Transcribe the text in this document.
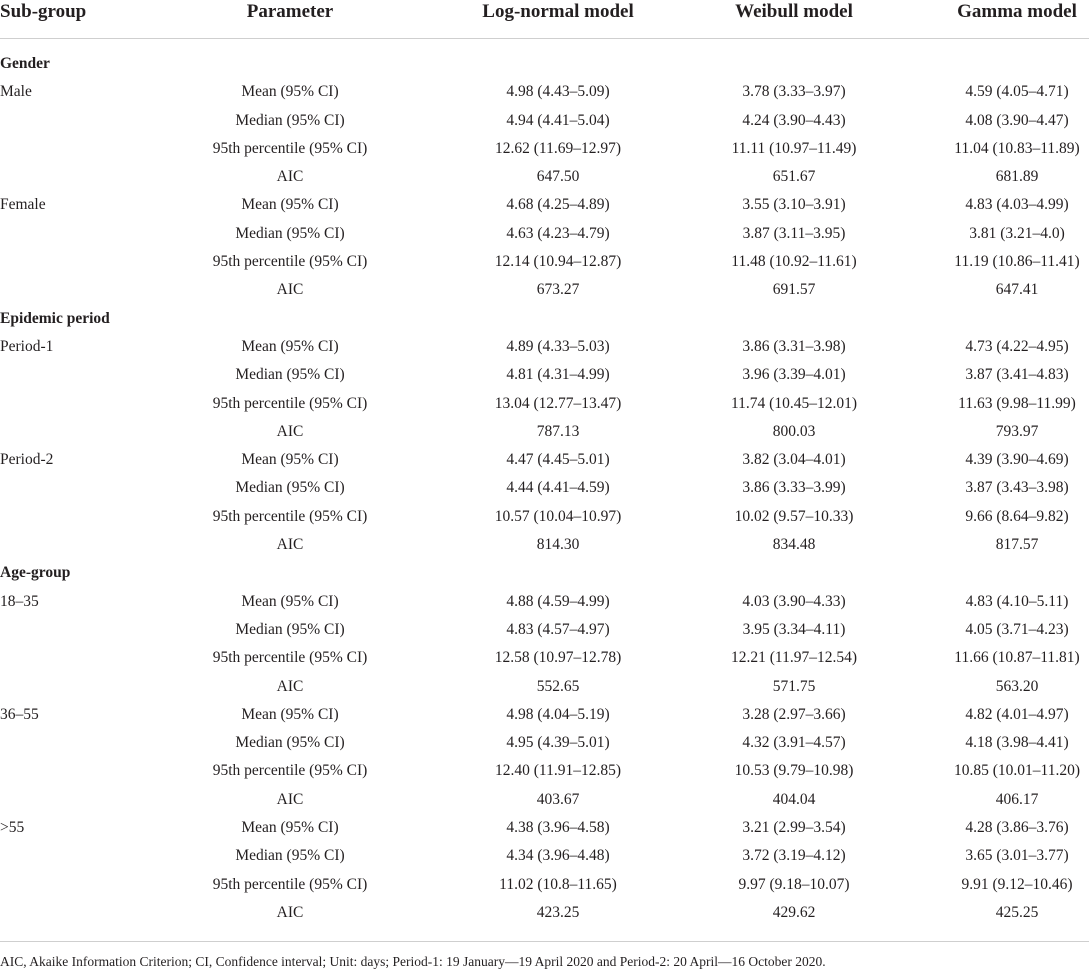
Sub-group	Parameter	Log-normal model	Weibull model	Gamma model
Gender
Male	Mean (95% CI)	4.98 (4.43–5.09)	3.78 (3.33–3.97)	4.59 (4.05–4.71)
Median (95% CI)	4.94 (4.41–5.04)	4.24 (3.90–4.43)	4.08 (3.90–4.47)
95th percentile (95% CI)	12.62 (11.69–12.97)	11.11 (10.97–11.49)	11.04 (10.83–11.89)
AIC	647.50	651.67	681.89
Female	Mean (95% CI)	4.68 (4.25–4.89)	3.55 (3.10–3.91)	4.83 (4.03–4.99)
Median (95% CI)	4.63 (4.23–4.79)	3.87 (3.11–3.95)	3.81 (3.21–4.0)
95th percentile (95% CI)	12.14 (10.94–12.87)	11.48 (10.92–11.61)	11.19 (10.86–11.41)
AIC	673.27	691.57	647.41
Epidemic period
Period-1	Mean (95% CI)	4.89 (4.33–5.03)	3.86 (3.31–3.98)	4.73 (4.22–4.95)
Median (95% CI)	4.81 (4.31–4.99)	3.96 (3.39–4.01)	3.87 (3.41–4.83)
95th percentile (95% CI)	13.04 (12.77–13.47)	11.74 (10.45–12.01)	11.63 (9.98–11.99)
AIC	787.13	800.03	793.97
Period-2	Mean (95% CI)	4.47 (4.45–5.01)	3.82 (3.04–4.01)	4.39 (3.90–4.69)
Median (95% CI)	4.44 (4.41–4.59)	3.86 (3.33–3.99)	3.87 (3.43–3.98)
95th percentile (95% CI)	10.57 (10.04–10.97)	10.02 (9.57–10.33)	9.66 (8.64–9.82)
AIC	814.30	834.48	817.57
Age-group
18–35	Mean (95% CI)	4.88 (4.59–4.99)	4.03 (3.90–4.33)	4.83 (4.10–5.11)
Median (95% CI)	4.83 (4.57–4.97)	3.95 (3.34–4.11)	4.05 (3.71–4.23)
95th percentile (95% CI)	12.58 (10.97–12.78)	12.21 (11.97–12.54)	11.66 (10.87–11.81)
AIC	552.65	571.75	563.20
36–55	Mean (95% CI)	4.98 (4.04–5.19)	3.28 (2.97–3.66)	4.82 (4.01–4.97)
Median (95% CI)	4.95 (4.39–5.01)	4.32 (3.91–4.57)	4.18 (3.98–4.41)
95th percentile (95% CI)	12.40 (11.91–12.85)	10.53 (9.79–10.98)	10.85 (10.01–11.20)
AIC	403.67	404.04	406.17
>55	Mean (95% CI)	4.38 (3.96–4.58)	3.21 (2.99–3.54)	4.28 (3.86–3.76)
Median (95% CI)	4.34 (3.96–4.48)	3.72 (3.19–4.12)	3.65 (3.01–3.77)
95th percentile (95% CI)	11.02 (10.8–11.65)	9.97 (9.18–10.07)	9.91 (9.12–10.46)
AIC	423.25	429.62	425.25
AIC, Akaike Information Criterion; CI, Confidence interval; Unit: days; Period-1: 19 January—19 April 2020 and Period-2: 20 April—16 October 2020.
